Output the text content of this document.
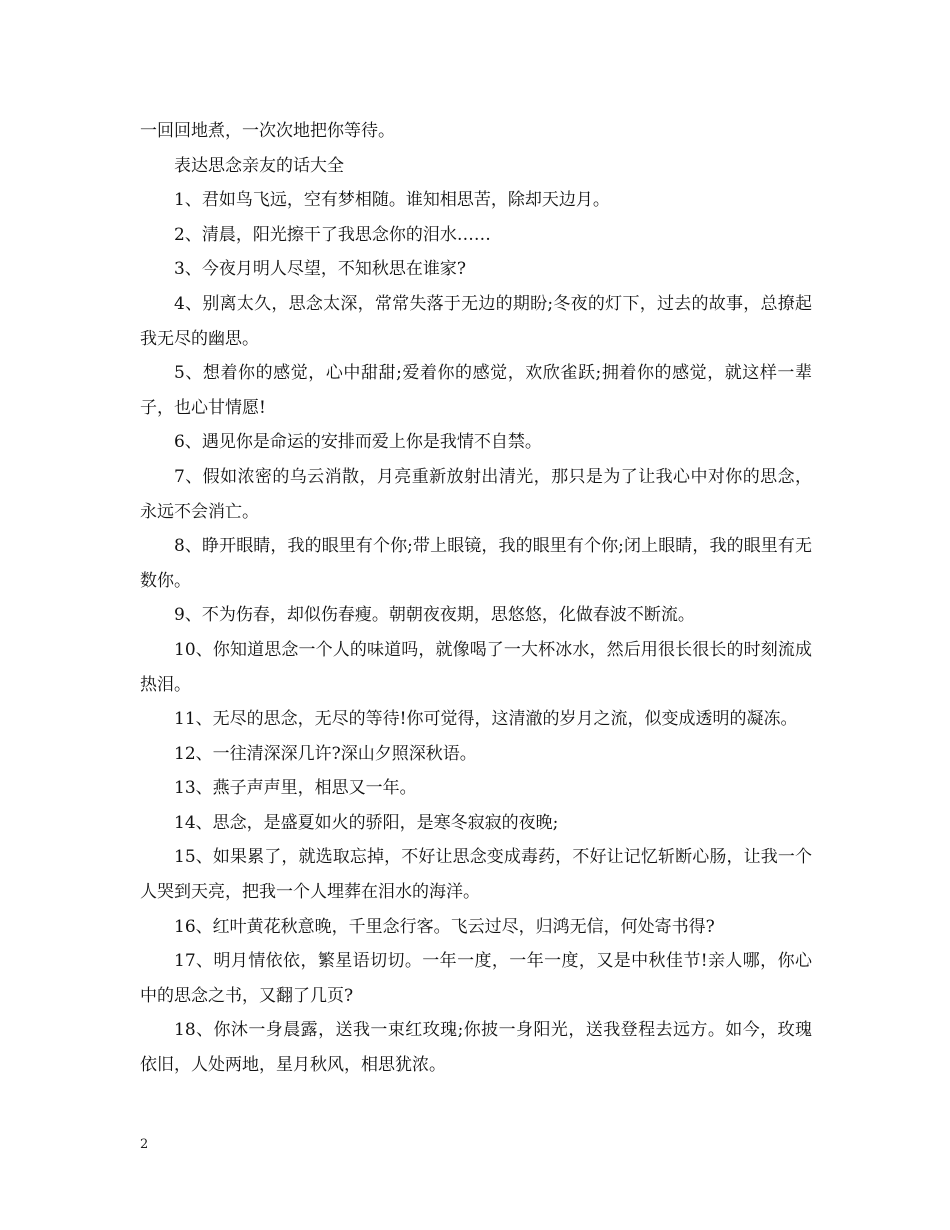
一回回地煮，一次次地把你等待。

表达思念亲友的话大全

1、君如鸟飞远，空有梦相随。谁知相思苦，除却天边月。

2、清晨，阳光擦干了我思念你的泪水……

3、今夜月明人尽望，不知秋思在谁家?

4、别离太久，思念太深，常常失落于无边的期盼;冬夜的灯下，过去的故事，总撩起我无尽的幽思。

5、想着你的感觉，心中甜甜;爱着你的感觉，欢欣雀跃;拥着你的感觉，就这样一辈子，也心甘情愿!

6、遇见你是命运的安排而爱上你是我情不自禁。

7、假如浓密的乌云消散，月亮重新放射出清光，那只是为了让我心中对你的思念，永远不会消亡。

8、睁开眼睛，我的眼里有个你;带上眼镜，我的眼里有个你;闭上眼睛，我的眼里有无数你。

9、不为伤春，却似伤春瘦。朝朝夜夜期，思悠悠，化做春波不断流。

10、你知道思念一个人的味道吗，就像喝了一大杯冰水，然后用很长很长的时刻流成热泪。

11、无尽的思念，无尽的等待!你可觉得，这清澈的岁月之流，似变成透明的凝冻。

12、一往清深深几许?深山夕照深秋语。

13、燕子声声里，相思又一年。

14、思念，是盛夏如火的骄阳，是寒冬寂寂的夜晚;

15、如果累了，就选取忘掉，不好让思念变成毒药，不好让记忆斩断心肠，让我一个人哭到天亮，把我一个人埋葬在泪水的海洋。

16、红叶黄花秋意晚，千里念行客。飞云过尽，归鸿无信，何处寄书得?

17、明月情依依，繁星语切切。一年一度，一年一度，又是中秋佳节!亲人哪，你心中的思念之书，又翻了几页?

18、你沐一身晨露，送我一束红玫瑰;你披一身阳光，送我登程去远方。如今，玫瑰依旧，人处两地，星月秋风，相思犹浓。

2
